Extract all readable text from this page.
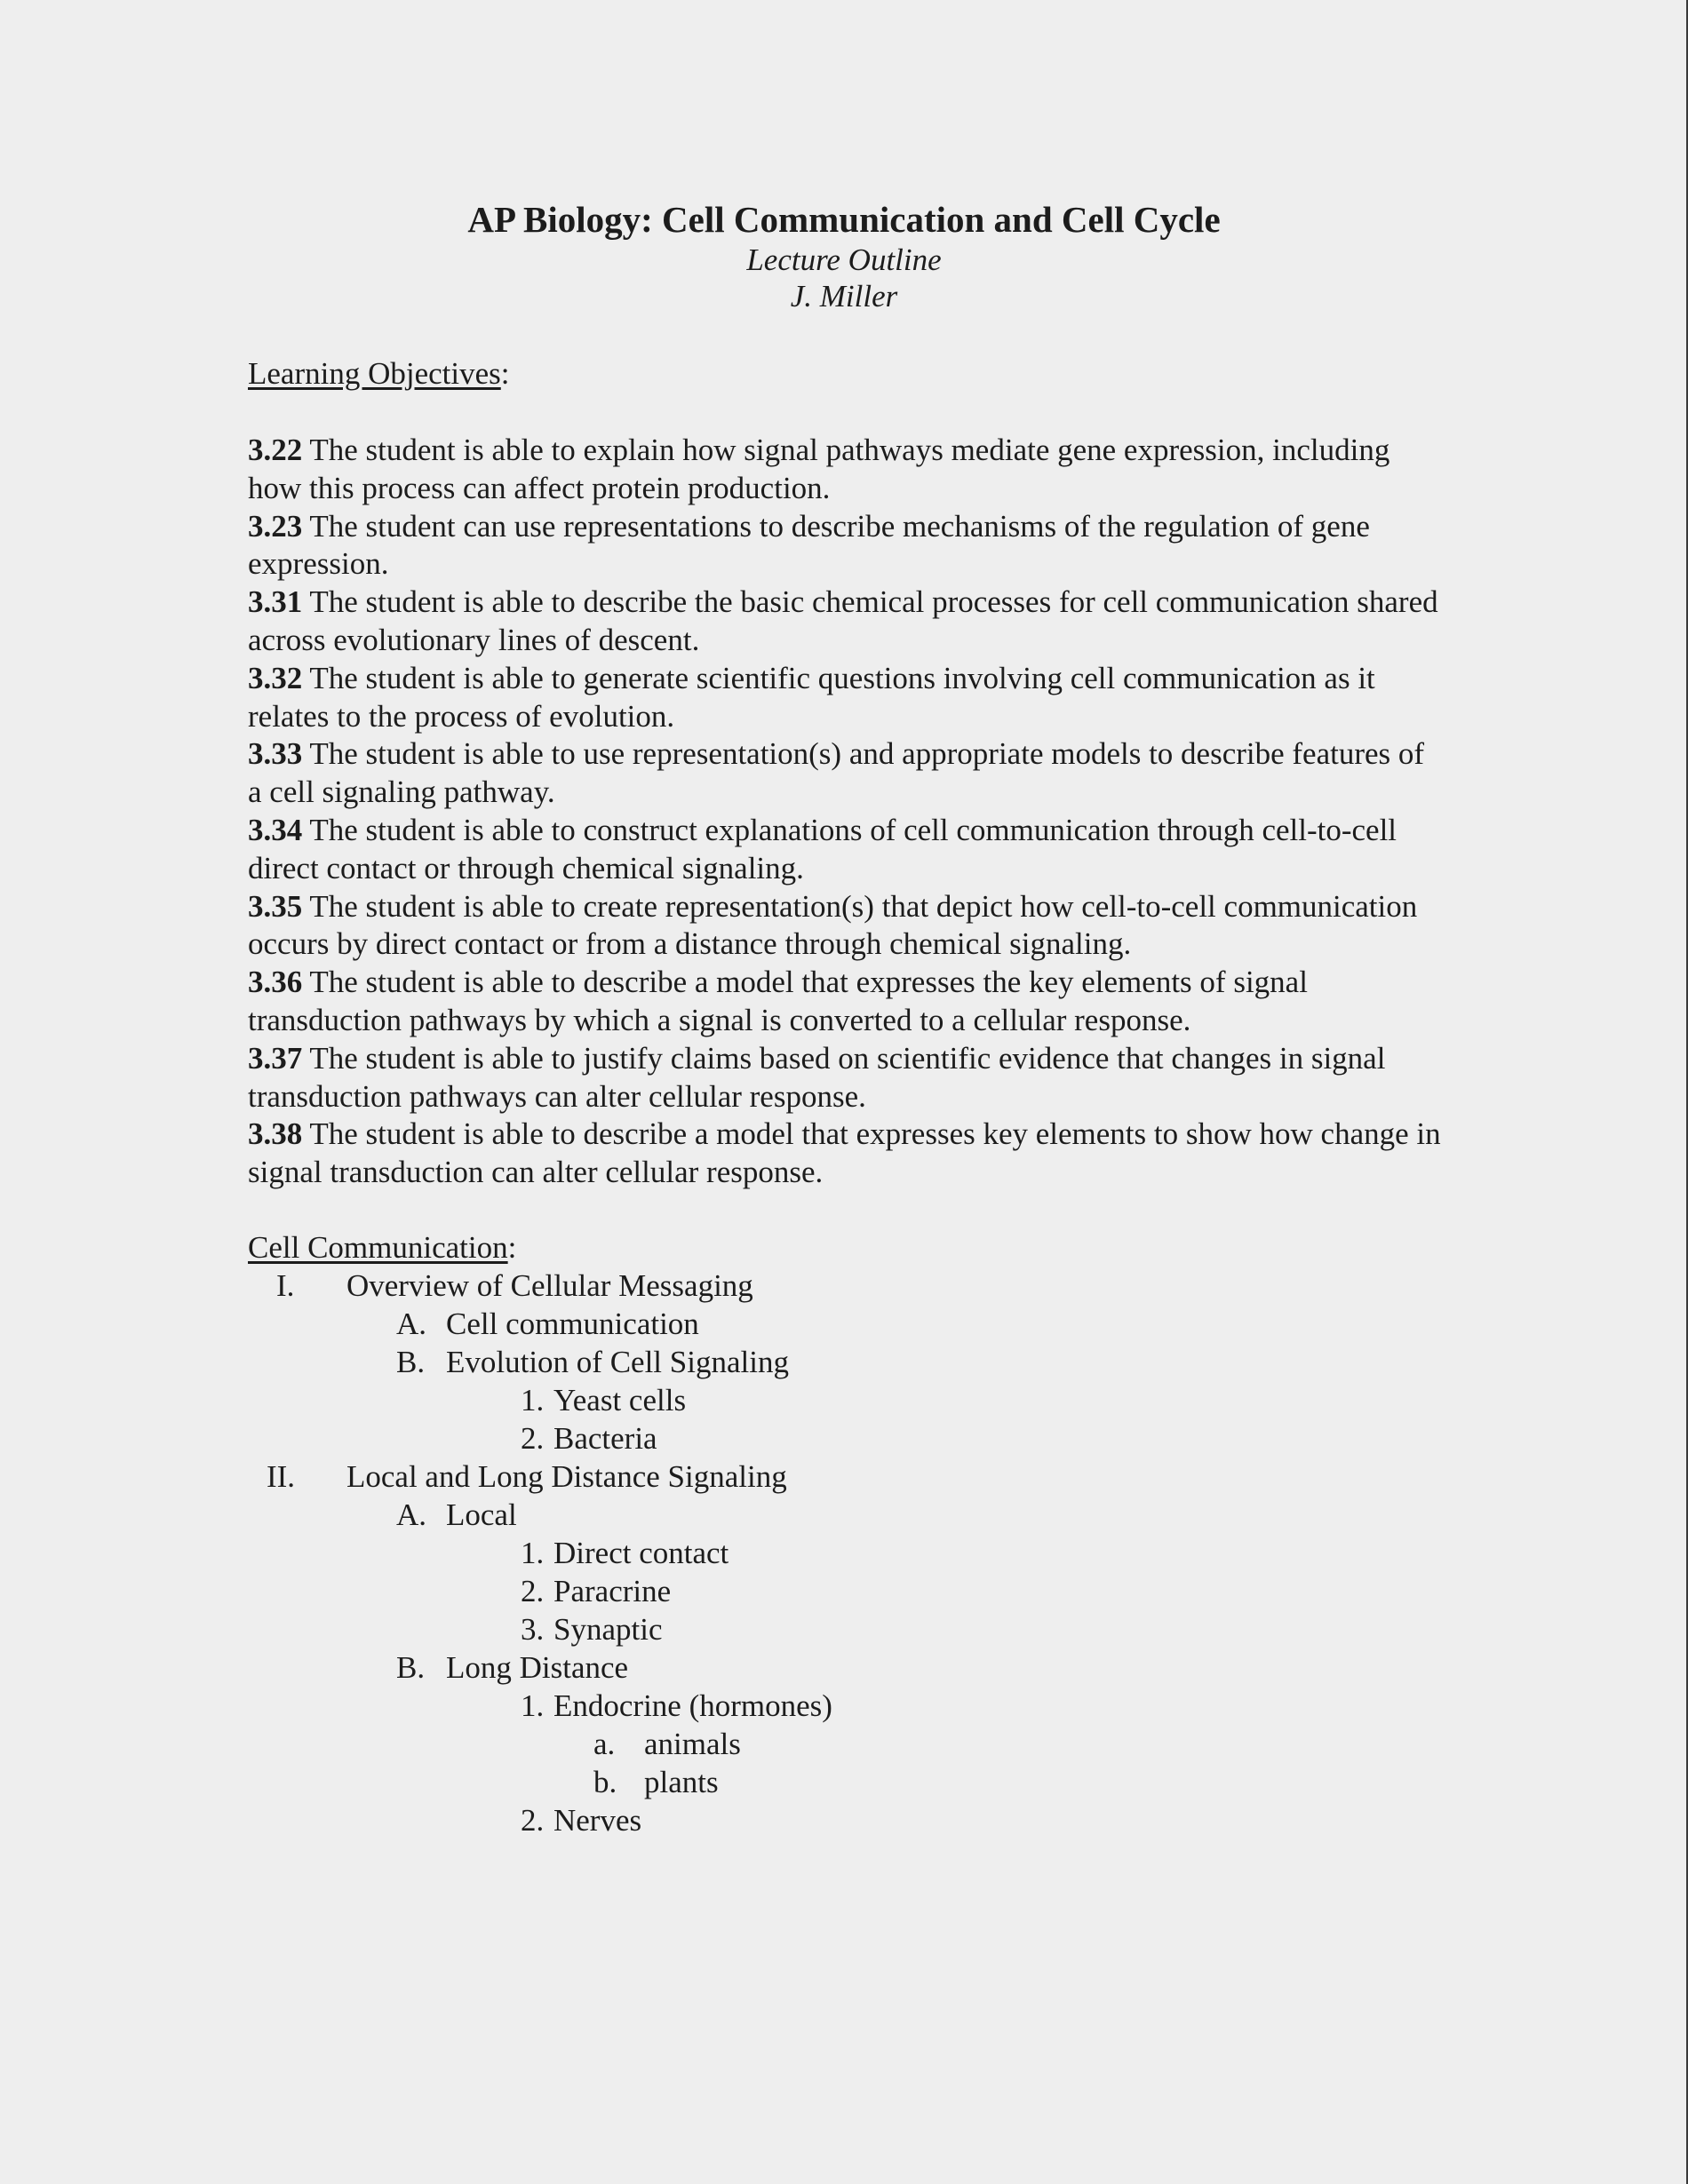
AP Biology: Cell Communication and Cell Cycle
Lecture Outline
J. Miller
Learning Objectives:

3.22 The student is able to explain how signal pathways mediate gene expression, including how this process can affect protein production.

3.23 The student can use representations to describe mechanisms of the regulation of gene expression.

3.31 The student is able to describe the basic chemical processes for cell communication shared across evolutionary lines of descent.

3.32 The student is able to generate scientific questions involving cell communication as it relates to the process of evolution.

3.33 The student is able to use representation(s) and appropriate models to describe features of a cell signaling pathway.

3.34 The student is able to construct explanations of cell communication through cell-to-cell direct contact or through chemical signaling.

3.35 The student is able to create representation(s) that depict how cell-to-cell communication occurs by direct contact or from a distance through chemical signaling.

3.36 The student is able to describe a model that expresses the key elements of signal transduction pathways by which a signal is converted to a cellular response.

3.37 The student is able to justify claims based on scientific evidence that changes in signal transduction pathways can alter cellular response.

3.38 The student is able to describe a model that expresses key elements to show how change in signal transduction can alter cellular response.

Cell Communication:
I. Overview of Cellular Messaging
A. Cell communication
B. Evolution of Cell Signaling
1. Yeast cells
2. Bacteria
II. Local and Long Distance Signaling
A. Local
1. Direct contact
2. Paracrine
3. Synaptic
B. Long Distance
1. Endocrine (hormones)
a. animals
b. plants
2. Nerves
